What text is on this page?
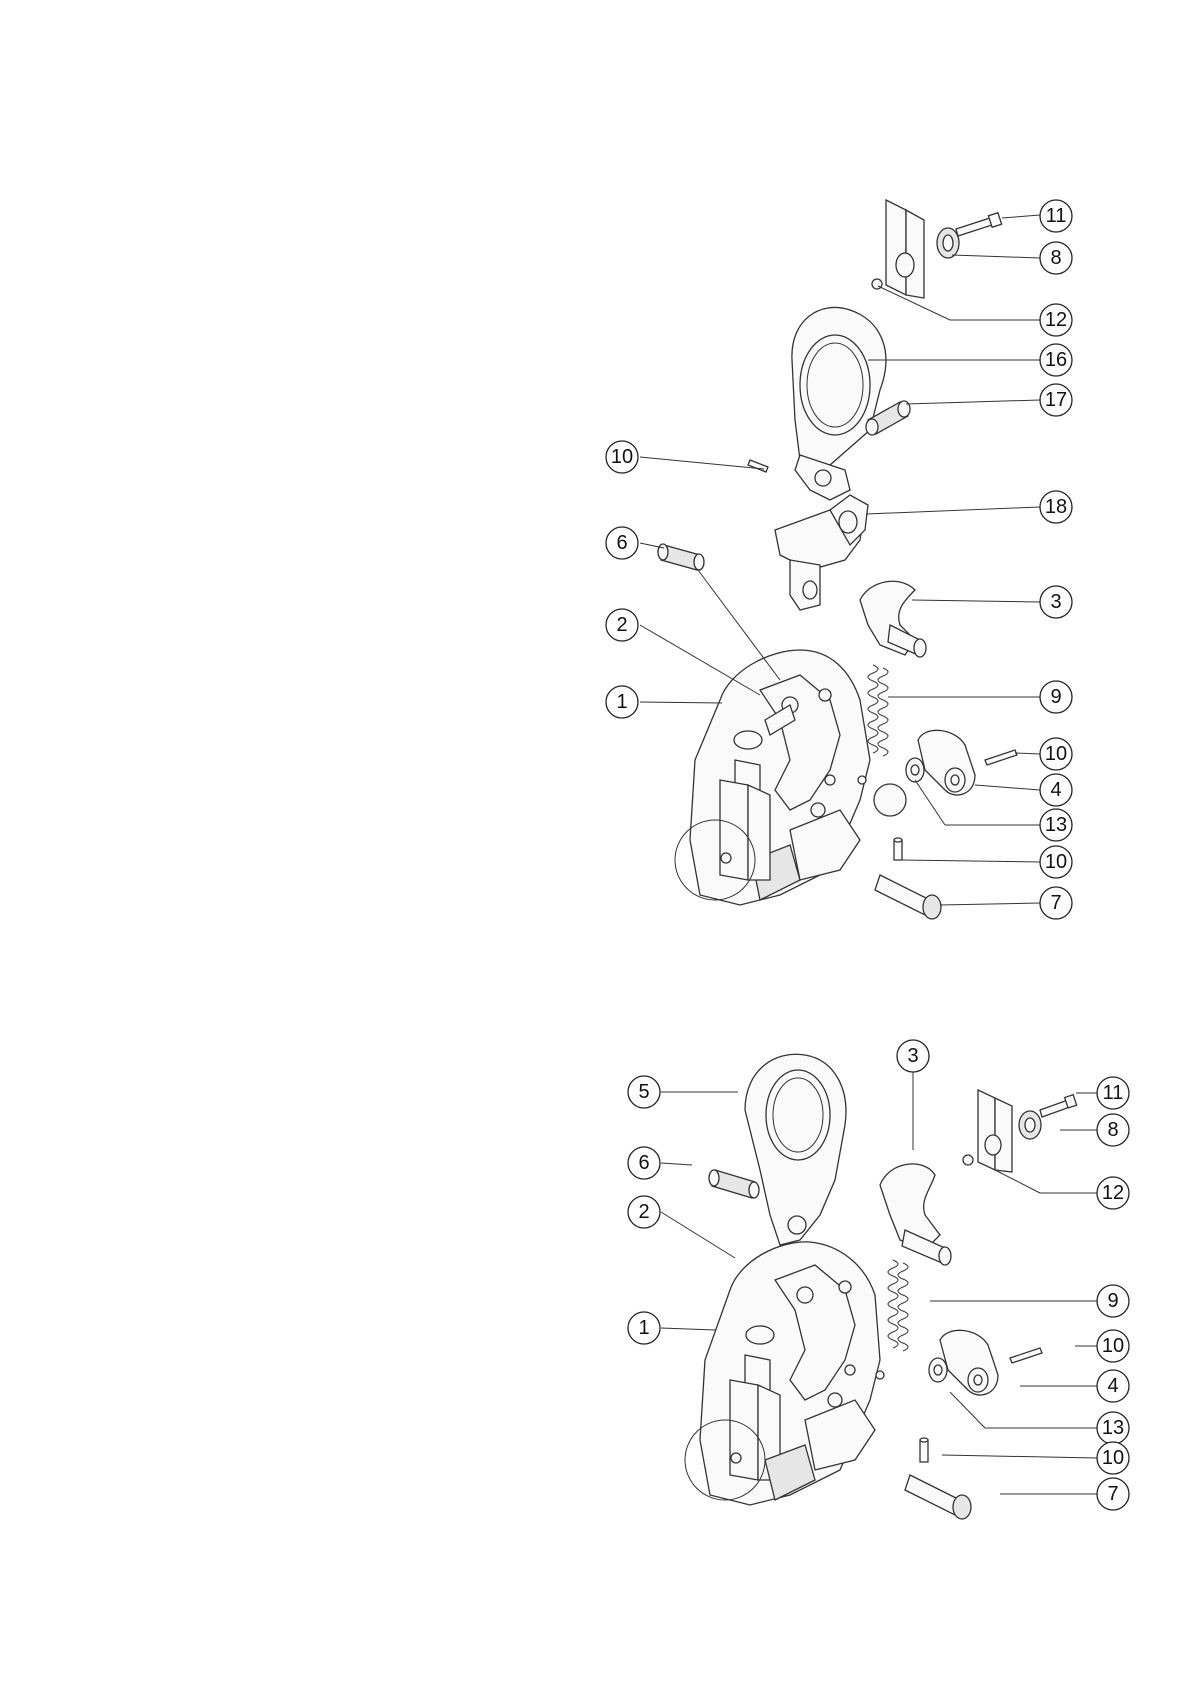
11
8
12
16
17
10
18
6
3
2
9
1
10
4
13
10
7
3
5	11
8
6
12
2
9
1
10
4
13
10
7
